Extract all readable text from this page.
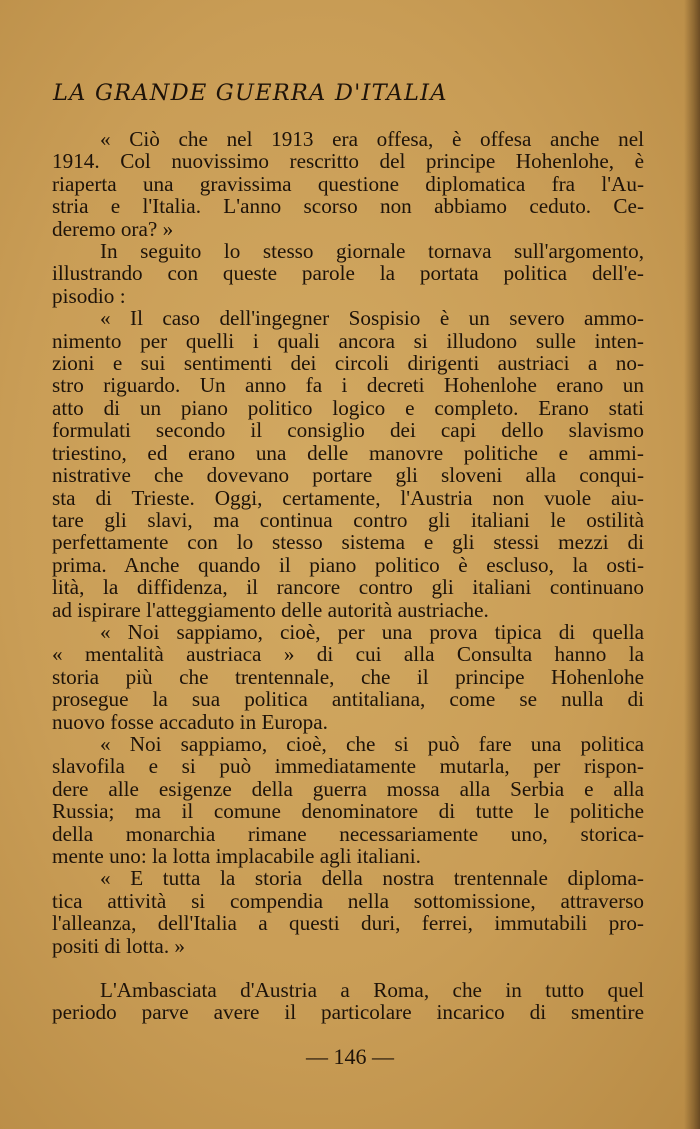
LA GRANDE GUERRA D'ITALIA

« Ciò che nel 1913 era offesa, è offesa anche nel
1914. Col nuovissimo rescritto del principe Hohenlohe, è
riaperta una gravissima questione diplomatica fra l'Au-
stria e l'Italia. L'anno scorso non abbiamo ceduto. Ce-
deremo ora? »

In seguito lo stesso giornale tornava sull'argomento,
illustrando con queste parole la portata politica dell'e-
pisodio :

« Il caso dell'ingegner Sospisio è un severo ammo-
nimento per quelli i quali ancora si illudono sulle inten-
zioni e sui sentimenti dei circoli dirigenti austriaci a no-
stro riguardo. Un anno fa i decreti Hohenlohe erano un
atto di un piano politico logico e completo. Erano stati
formulati secondo il consiglio dei capi dello slavismo
triestino, ed erano una delle manovre politiche e ammi-
nistrative che dovevano portare gli sloveni alla conqui-
sta di Trieste. Oggi, certamente, l'Austria non vuole aiu-
tare gli slavi, ma continua contro gli italiani le ostilità
perfettamente con lo stesso sistema e gli stessi mezzi di
prima. Anche quando il piano politico è escluso, la osti-
lità, la diffidenza, il rancore contro gli italiani continuano
ad ispirare l'atteggiamento delle autorità austriache.

« Noi sappiamo, cioè, per una prova tipica di quella
« mentalità austriaca » di cui alla Consulta hanno la
storia più che trentennale, che il principe Hohenlohe
prosegue la sua politica antitaliana, come se nulla di
nuovo fosse accaduto in Europa.

« Noi sappiamo, cioè, che si può fare una politica
slavofila e si può immediatamente mutarla, per rispon-
dere alle esigenze della guerra mossa alla Serbia e alla
Russia; ma il comune denominatore di tutte le politiche
della monarchia rimane necessariamente uno, storica-
mente uno: la lotta implacabile agli italiani.

« E tutta la storia della nostra trentennale diploma-
tica attività si compendia nella sottomissione, attraverso
l'alleanza, dell'Italia a questi duri, ferrei, immutabili pro-
positi di lotta. »

L'Ambasciata d'Austria a Roma, che in tutto quel
periodo parve avere il particolare incarico di smentire

— 146 —
